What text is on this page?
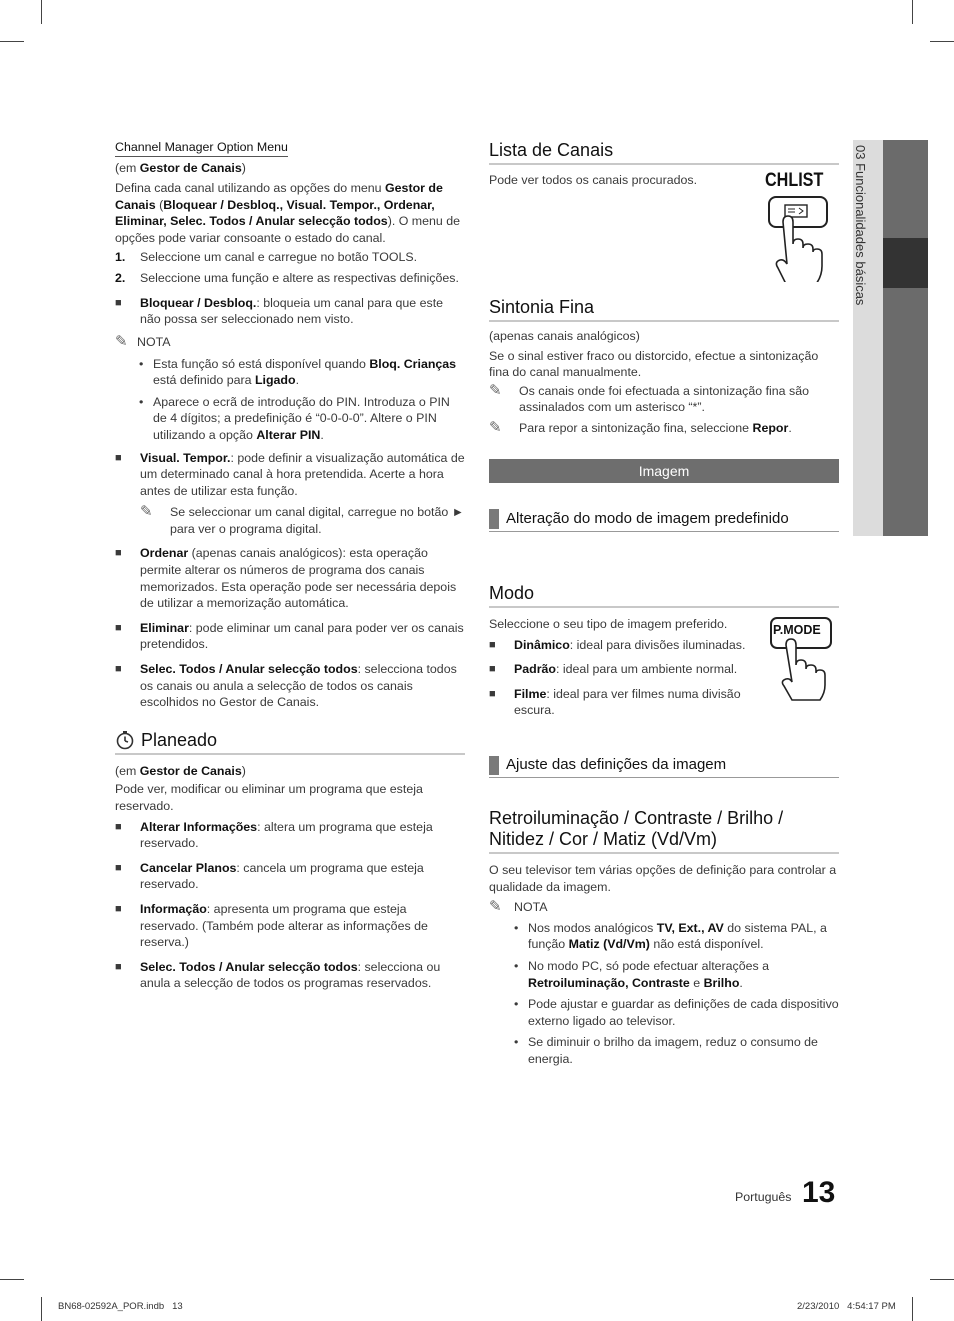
03 Funcionalidades básicas
Channel Manager Option Menu

(em Gestor de Canais)

Defina cada canal utilizando as opções do menu Gestor de Canais (Bloquear / Desbloq., Visual. Tempor., Ordenar, Eliminar, Selec. Todos / Anular selecção todos). O menu de opções pode variar consoante o estado do canal.

1.	Seleccione um canal e carregue no botão TOOLS.
2.	Seleccione uma função e altere as respectivas definições.
■	Bloquear / Desbloq.: bloqueia um canal para que este não possa ser seleccionado nem visto.
✎ NOTA
• Esta função só está disponível quando Bloq. Crianças está definido para Ligado.
• Aparece o ecrã de introdução do PIN. Introduza o PIN de 4 dígitos; a predefinição é “0-0-0-0”. Altere o PIN utilizando a opção Alterar PIN.
■	Visual. Tempor.: pode definir a visualização automática de um determinado canal à hora pretendida. Acerte a hora antes de utilizar esta função.
✎	Se seleccionar um canal digital, carregue no botão ► para ver o programa digital.
■	Ordenar (apenas canais analógicos): esta operação permite alterar os números de programa dos canais memorizados. Esta operação pode ser necessária depois de utilizar a memorização automática.
■	Eliminar: pode eliminar um canal para poder ver os canais pretendidos.
■	Selec. Todos / Anular selecção todos: selecciona todos os canais ou anula a selecção de todos os canais escolhidos no Gestor de Canais.
Planeado

(em Gestor de Canais)

Pode ver, modificar ou eliminar um programa que esteja reservado.

■	Alterar Informações: altera um programa que esteja reservado.
■	Cancelar Planos: cancela um programa que esteja reservado.
■	Informação: apresenta um programa que esteja reservado. (Também pode alterar as informações de reserva.)
■	Selec. Todos / Anular selecção todos: selecciona ou anula a selecção de todos os programas reservados.
Lista de Canais

Pode ver todos os canais procurados.	CHLIST
Sintonia Fina

(apenas canais analógicos)

Se o sinal estiver fraco ou distorcido, efectue a sintonização fina do canal manualmente.

✎	Os canais onde foi efectuada a sintonização fina são assinalados com um asterisco “*”.
✎	Para repor a sintonização fina, seleccione Repor.
Imagem
Alteração do modo de imagem predefinido
Modo

Seleccione o seu tipo de imagem preferido.

■	Dinâmico: ideal para divisões iluminadas.
■	Padrão: ideal para um ambiente normal.
■	Filme: ideal para ver filmes numa divisão escura.
P.MODE
Ajuste das definições da imagem
Retroiluminação / Contraste / Brilho / Nitidez / Cor / Matiz (Vd/Vm)

O seu televisor tem várias opções de definição para controlar a qualidade da imagem.

✎	NOTA
• Nos modos analógicos TV, Ext., AV do sistema PAL, a função Matiz (Vd/Vm) não está disponível.
• No modo PC, só pode efectuar alterações a Retroiluminação, Contraste e Brilho.
• Pode ajustar e guardar as definições de cada dispositivo externo ligado ao televisor.
• Se diminuir o brilho da imagem, reduz o consumo de energia.
Português 13
BN68-02592A_POR.indb   13	2/23/2010   4:54:17 PM
